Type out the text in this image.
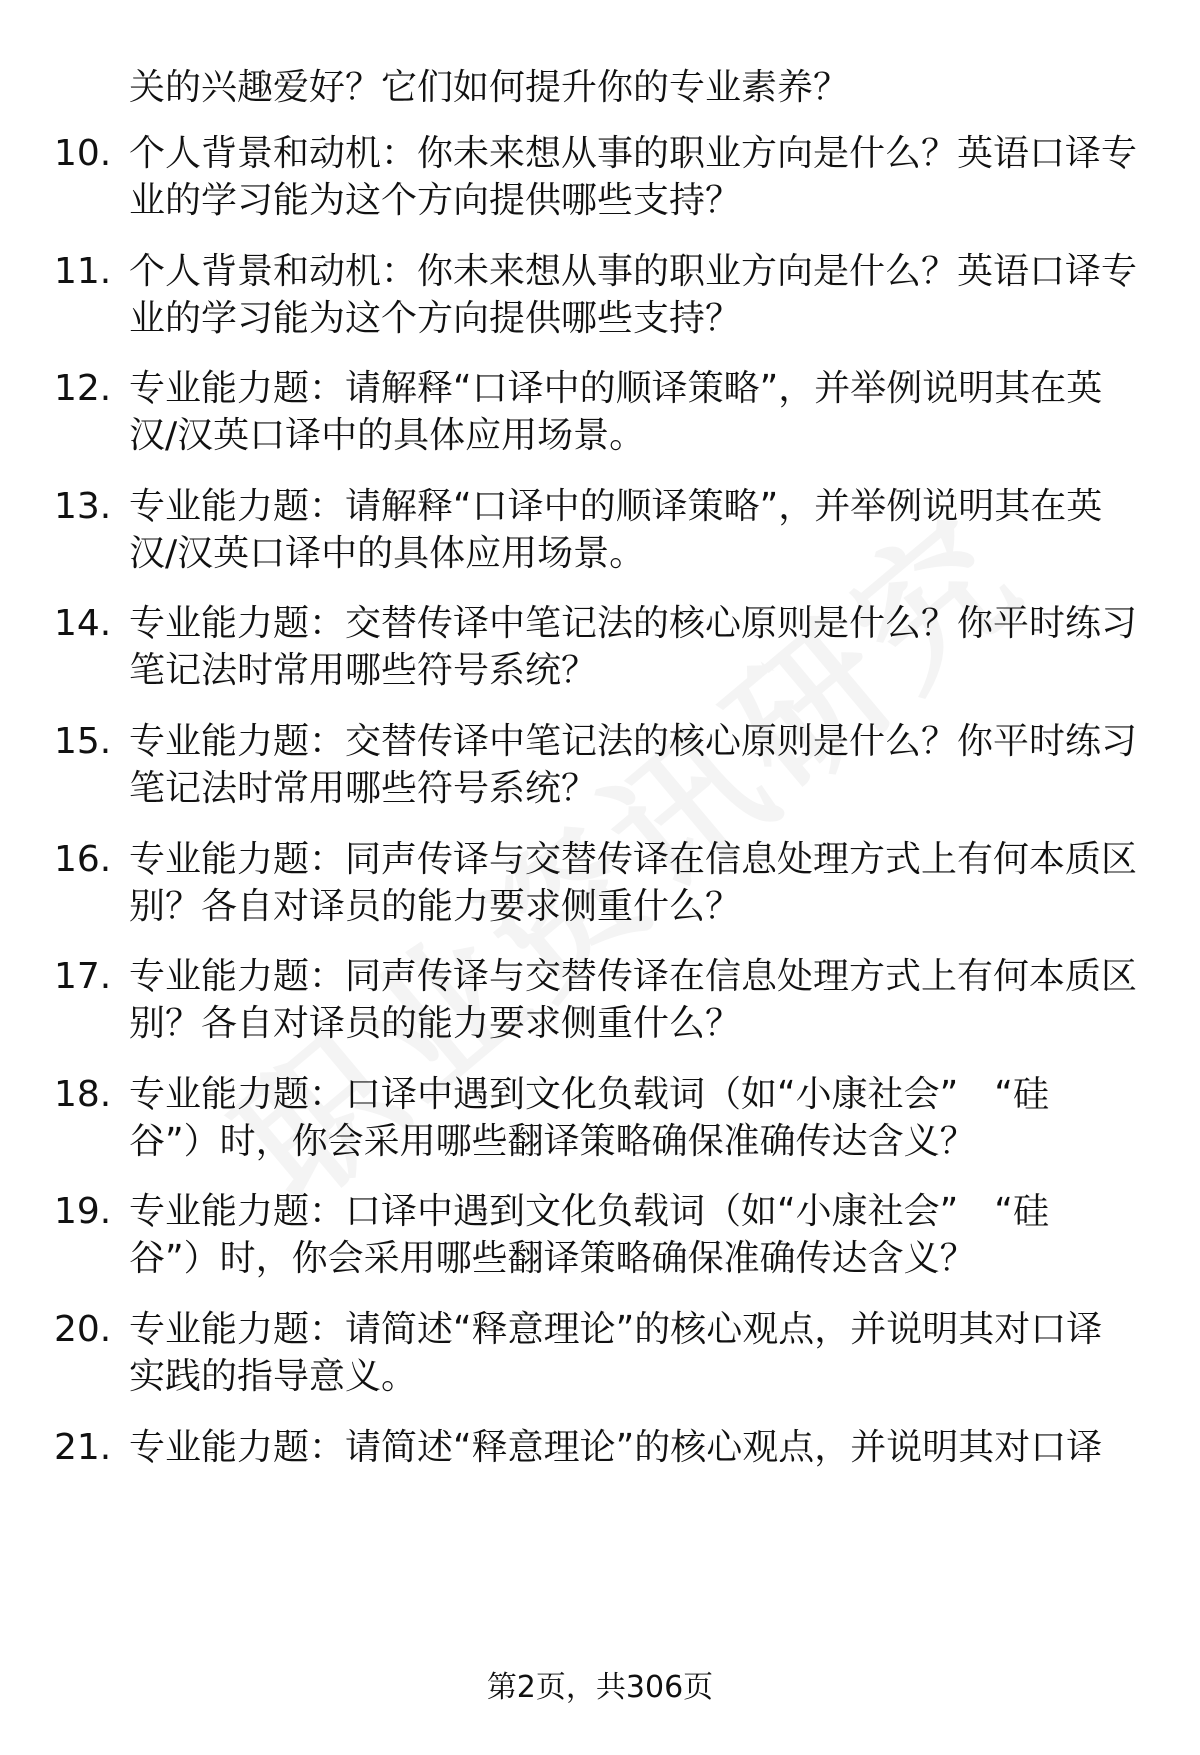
关的兴趣爱好？它们如何提升你的专业素养？
10. 个人背景和动机：你未来想从事的职业方向是什么？英语口译专
业的学习能为这个方向提供哪些支持？
11. 个人背景和动机：你未来想从事的职业方向是什么？英语口译专
业的学习能为这个方向提供哪些支持？
12. 专业能力题：请解释“口译中的顺译策略”，并举例说明其在英
汉/汉英口译中的具体应用场景。
13. 专业能力题：请解释“口译中的顺译策略”，并举例说明其在英
汉/汉英口译中的具体应用场景。
14. 专业能力题：交替传译中笔记法的核心原则是什么？你平时练习
笔记法时常用哪些符号系统？
15. 专业能力题：交替传译中笔记法的核心原则是什么？你平时练习
笔记法时常用哪些符号系统？
16. 专业能力题：同声传译与交替传译在信息处理方式上有何本质区
别？各自对译员的能力要求侧重什么？
17. 专业能力题：同声传译与交替传译在信息处理方式上有何本质区
别？各自对译员的能力要求侧重什么？
18. 专业能力题：口译中遇到文化负载词（如“小康社会”　“硅
谷”）时，你会采用哪些翻译策略确保准确传达含义？
19. 专业能力题：口译中遇到文化负载词（如“小康社会”　“硅
谷”）时，你会采用哪些翻译策略确保准确传达含义？
20. 专业能力题：请简述“释意理论”的核心观点，并说明其对口译
实践的指导意义。
21. 专业能力题：请简述“释意理论”的核心观点，并说明其对口译
第2页，共306页
